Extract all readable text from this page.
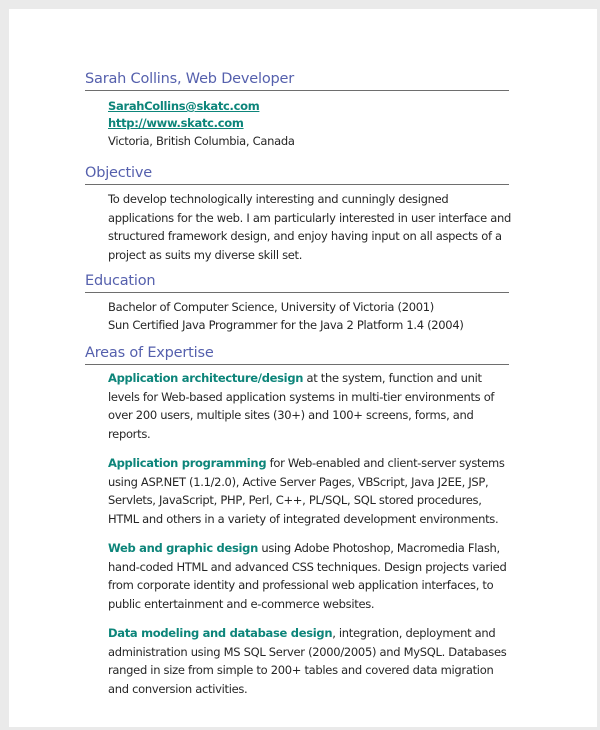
Sarah Collins, Web Developer
SarahCollins@skatc.com
http://www.skatc.com
Victoria, British Columbia, Canada
Objective
To develop technologically interesting and cunningly designed applications for the web. I am particularly interested in user interface and structured framework design, and enjoy having input on all aspects of a project as suits my diverse skill set.
Education
Bachelor of Computer Science, University of Victoria (2001)
Sun Certified Java Programmer for the Java 2 Platform 1.4 (2004)
Areas of Expertise

Application architecture/design at the system, function and unit levels for Web-based application systems in multi-tier environments of over 200 users, multiple sites (30+) and 100+ screens, forms, and reports.

Application programming for Web-enabled and client-server systems using ASP.NET (1.1/2.0), Active Server Pages, VBScript, Java J2EE, JSP, Servlets, JavaScript, PHP, Perl, C++, PL/SQL, SQL stored procedures, HTML and others in a variety of integrated development environments.

Web and graphic design using Adobe Photoshop, Macromedia Flash, hand-coded HTML and advanced CSS techniques. Design projects varied from corporate identity and professional web application interfaces, to public entertainment and e-commerce websites.

Data modeling and database design, integration, deployment and administration using MS SQL Server (2000/2005) and MySQL. Databases ranged in size from simple to 200+ tables and covered data migration and conversion activities.
